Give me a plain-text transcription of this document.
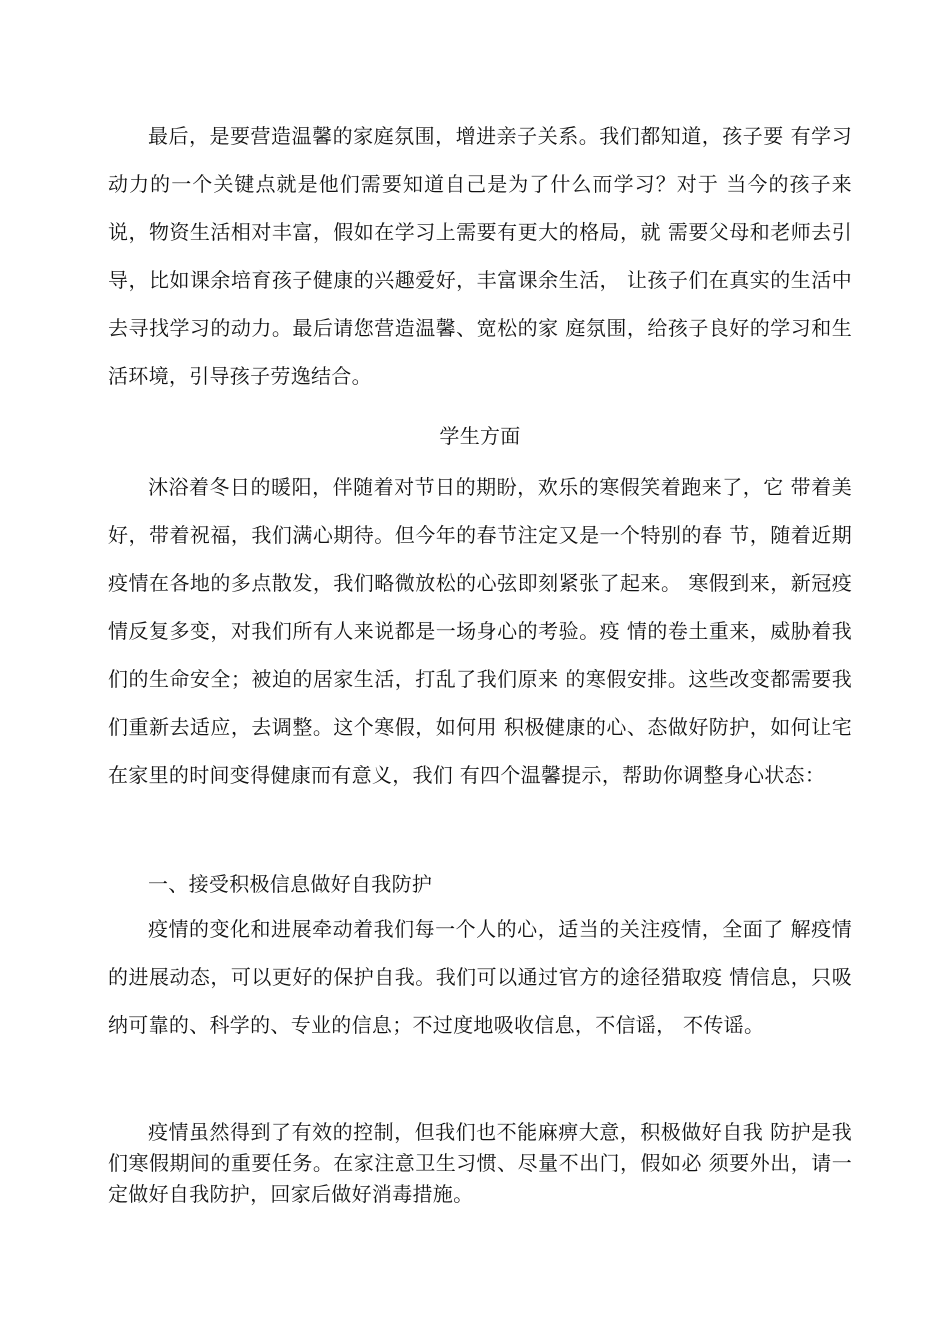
最后，是要营造温馨的家庭氛围，增进亲子关系。我们都知道，孩子要 有学习动力的一个关键点就是他们需要知道自己是为了什么而学习？对于 当今的孩子来说，物资生活相对丰富，假如在学习上需要有更大的格局，就 需要父母和老师去引导，比如课余培育孩子健康的兴趣爱好，丰富课余生活， 让孩子们在真实的生活中去寻找学习的动力。最后请您营造温馨、宽松的家 庭氛围，给孩子良好的学习和生活环境，引导孩子劳逸结合。

学生方面

沐浴着冬日的暖阳，伴随着对节日的期盼，欢乐的寒假笑着跑来了，它 带着美好，带着祝福，我们满心期待。但今年的春节注定又是一个特别的春 节，随着近期疫情在各地的多点散发，我们略微放松的心弦即刻紧张了起来。 寒假到来，新冠疫情反复多变，对我们所有人来说都是一场身心的考验。疫 情的卷土重来，威胁着我们的生命安全；被迫的居家生活，打乱了我们原来 的寒假安排。这些改变都需要我们重新去适应，去调整。这个寒假，如何用 积极健康的心、态做好防护，如何让宅在家里的时间变得健康而有意义，我们 有四个温馨提示，帮助你调整身心状态：

一、接受积极信息做好自我防护

疫情的变化和进展牵动着我们每一个人的心，适当的关注疫情，全面了 解疫情的进展动态，可以更好的保护自我。我们可以通过官方的途径猎取疫 情信息，只吸纳可靠的、科学的、专业的信息；不过度地吸收信息，不信谣， 不传谣。

疫情虽然得到了有效的控制，但我们也不能麻痹大意，积极做好自我 防护是我们寒假期间的重要任务。在家注意卫生习惯、尽量不出门，假如必 须要外出，请一定做好自我防护，回家后做好消毒措施。
